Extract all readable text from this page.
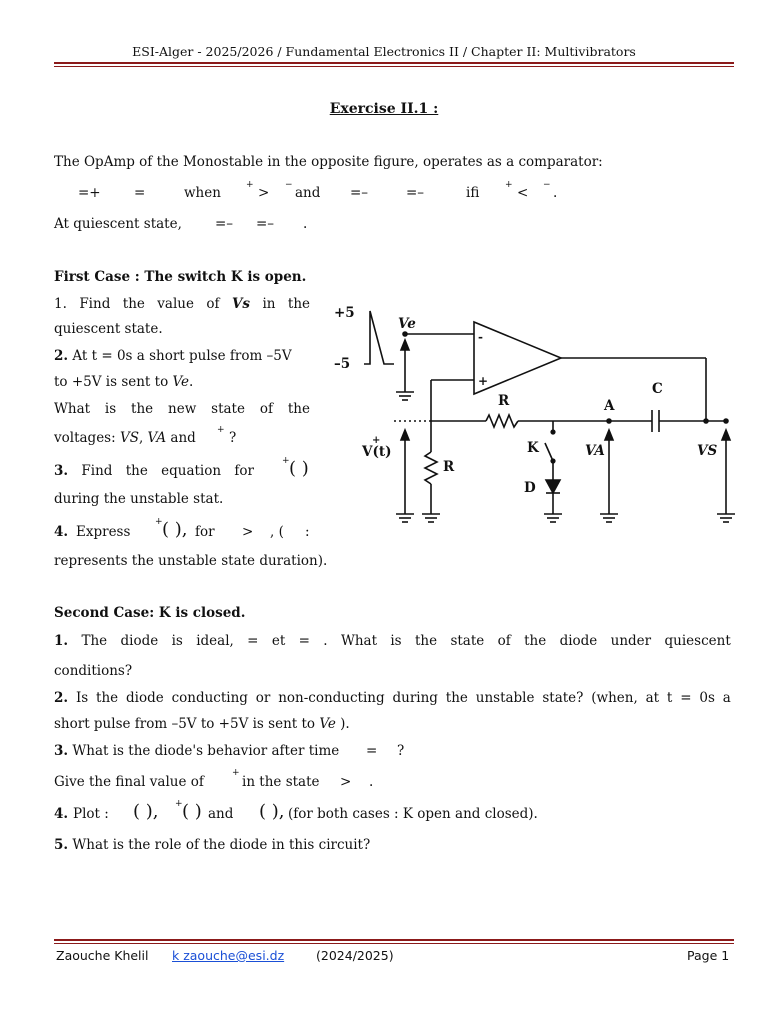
ESI-Alger - 2025/2026 / Fundamental Electronics II / Chapter II: Multivibrators
Exercise II.1 :
The OpAmp of the Monostable in the opposite figure, operates as a comparator:
=+ =	when	+ > − and =–	=–	ifi	+ < − .
At quiescent state, =– =– .
First Case : The switch K is open.
1. Find the value of Vs in the
quiescent state.
2. At t = 0s a short pulse from –5V
to +5V is sent to Ve.
What is the new state of the
voltages: VS, VA and + ?
3. Find the equation for
+ ( )
during the unstable stat.
4. Express
+ ( ), for > , ( :
represents the unstable state duration).
Second Case: K is closed.
1. The diode is ideal, = et = . What is the state of the diode under quiescent
conditions?
2. Is the diode conducting or non-conducting during the unstable state? (when, at t = 0s a
short pulse from –5V to +5V is sent to Ve ).
3. What is the diode's behavior after time = ?
Give the final value of
+
in the state > .
4. Plot : ( ), + ( ) and ( ), (for both cases : K open and closed).
5. What is the role of the diode in this circuit?
+5
–5
Ve
-
+
R
C
A
V(t)
+
R
K
D
VA	VS
Zaouche Khelil k zaouche@esi.dz	(2024/2025)	Page 1
